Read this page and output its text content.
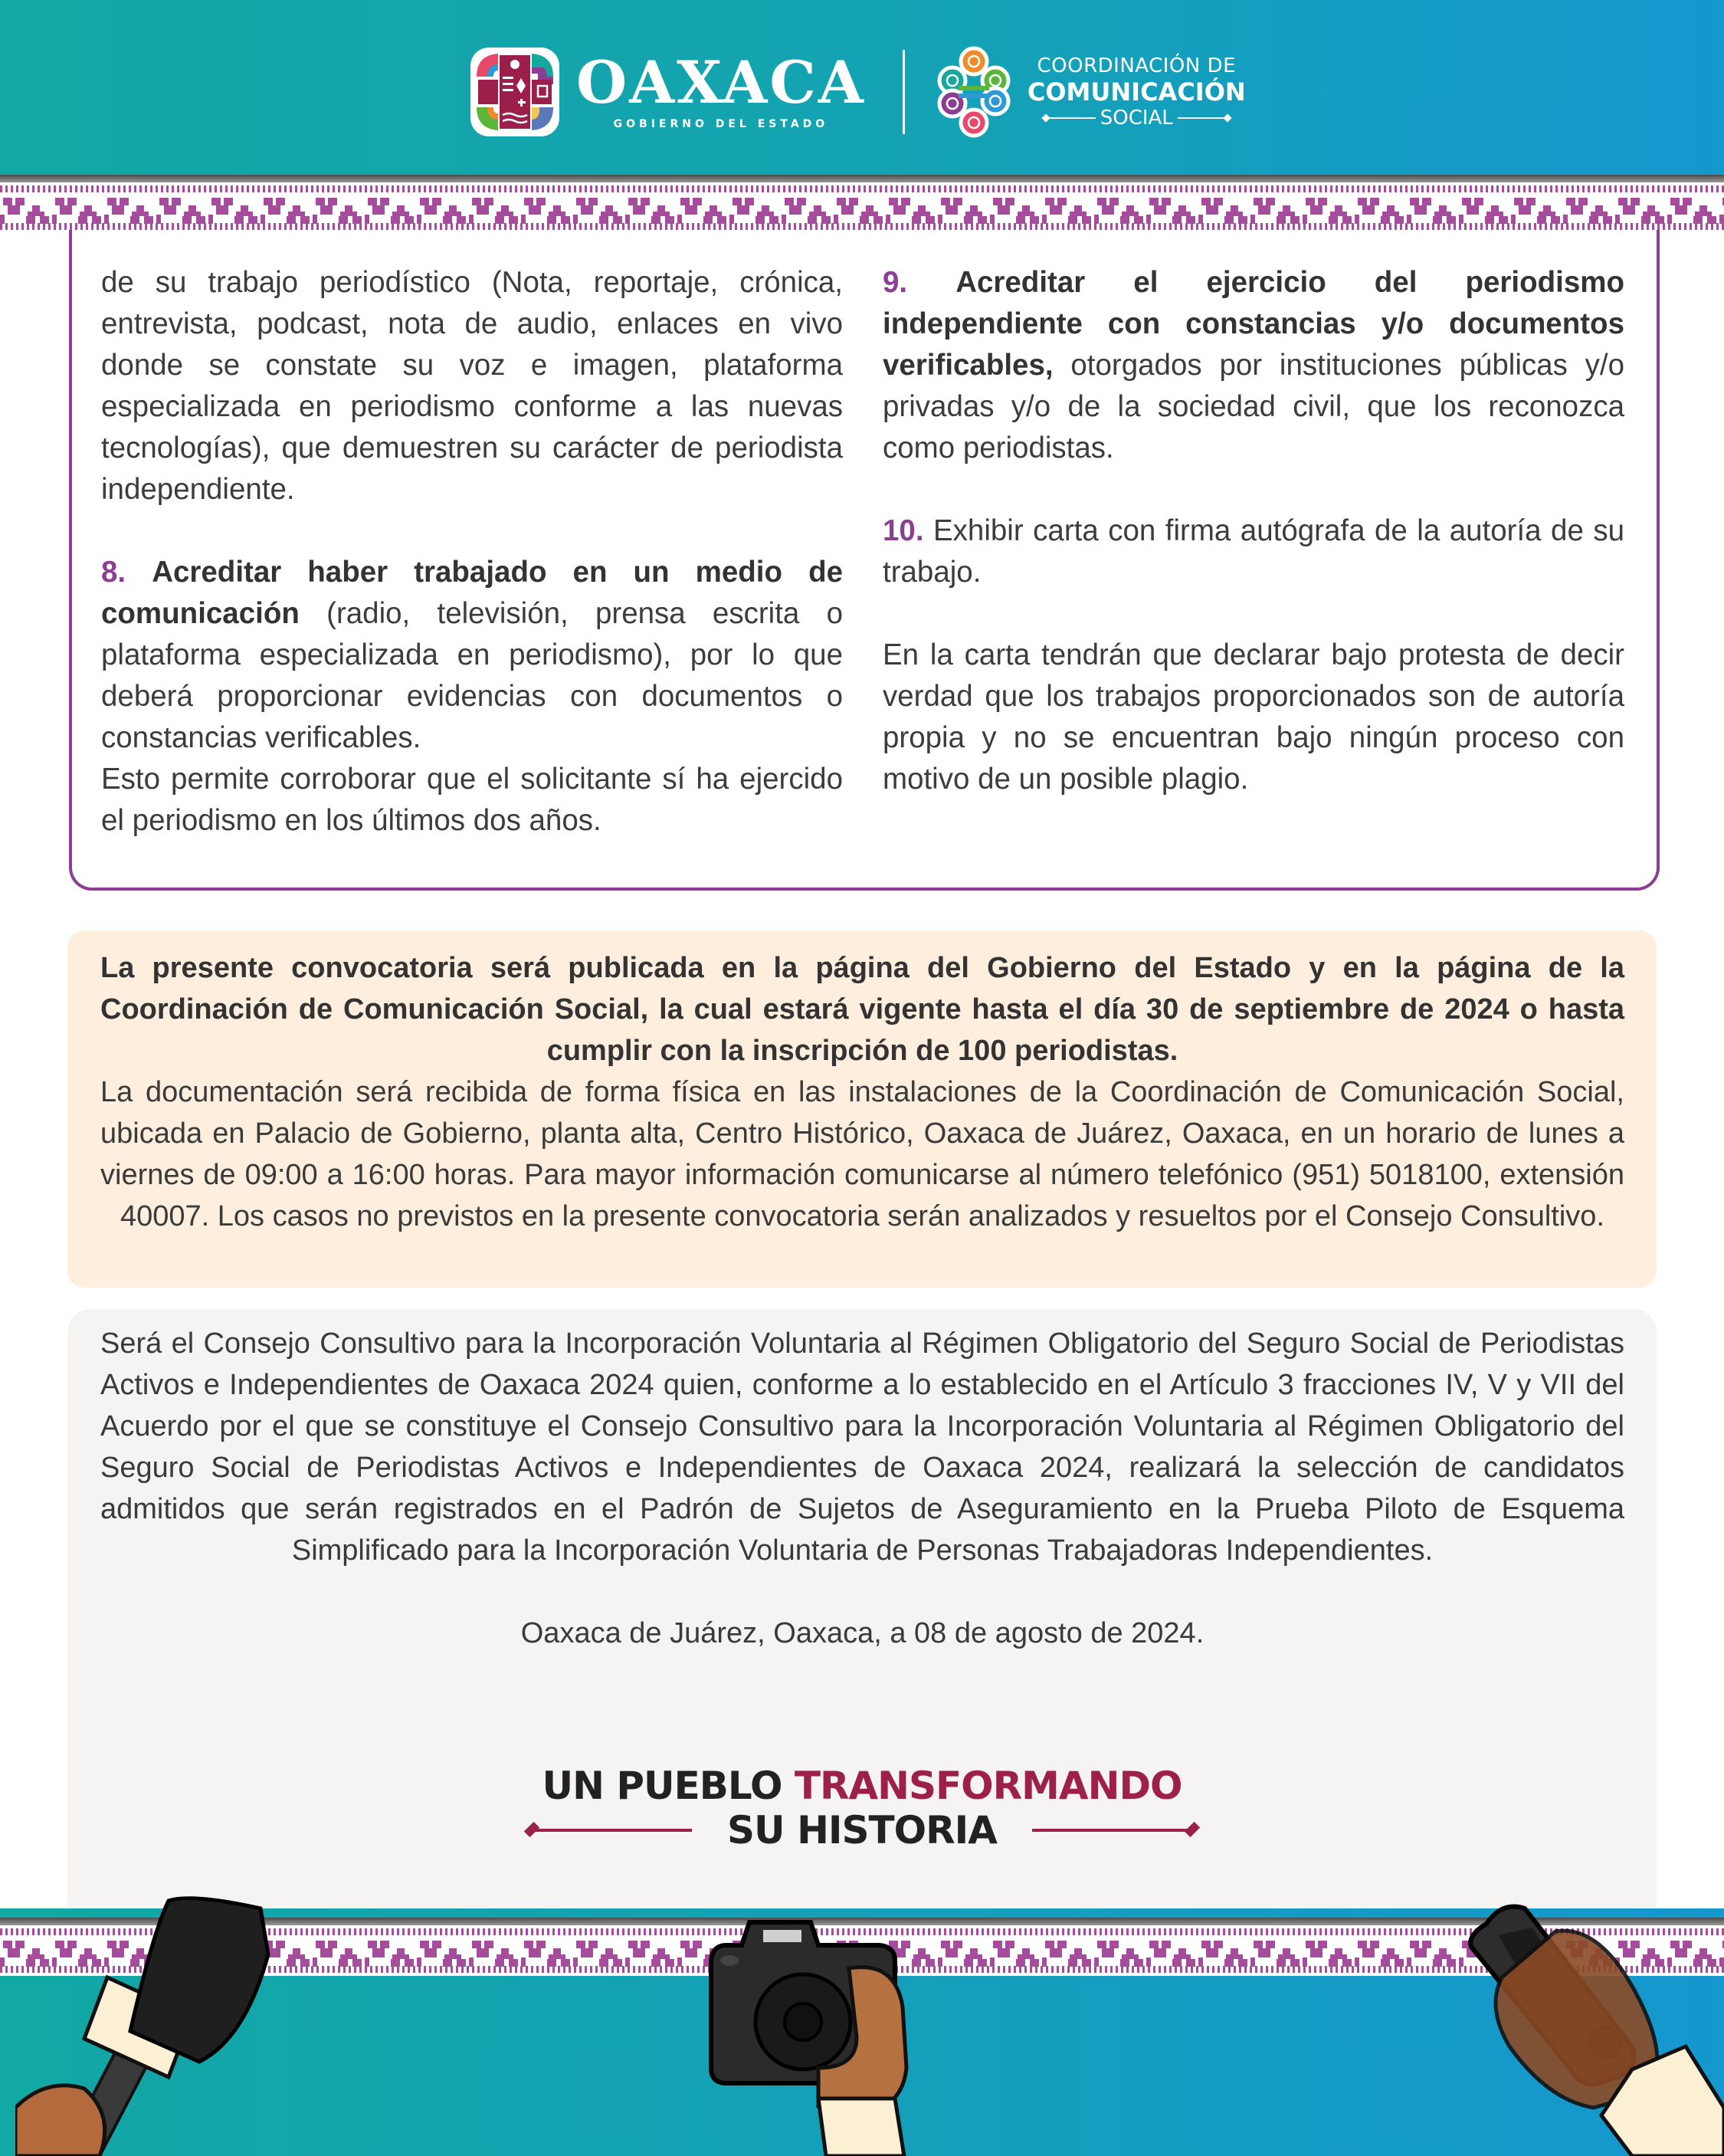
OAXACA
GOBIERNO DEL ESTADO
COORDINACIÓN DE
COMUNICACIÓN
SOCIAL

de su trabajo periodístico (Nota, reportaje, crónica, entrevista, podcast, nota de audio, enlaces en vivo donde se constate su voz e imagen, plataforma especializada en periodismo conforme a las nuevas tecnologías), que demuestren su carácter de periodista independiente.

8. Acreditar haber trabajado en un medio de comunicación (radio, televisión, prensa escrita o plataforma especializada en periodismo), por lo que deberá proporcionar evidencias con documentos o constancias verificables.

Esto permite corroborar que el solicitante sí ha ejercido el periodismo en los últimos dos años.

9. Acreditar el ejercicio del periodismo independiente con constancias y/o documentos verificables, otorgados por instituciones públicas y/o privadas y/o de la sociedad civil, que los reconozca como periodistas.

10. Exhibir carta con firma autógrafa de la autoría de su trabajo.

En la carta tendrán que declarar bajo protesta de decir verdad que los trabajos proporcionados son de autoría propia y no se encuentran bajo ningún proceso con motivo de un posible plagio.

La presente convocatoria será publicada en la página del Gobierno del Estado y en la página de la Coordinación de Comunicación Social, la cual estará vigente hasta el día 30 de septiembre de 2024 o hasta cumplir con la inscripción de 100 periodistas.

La documentación será recibida de forma física en las instalaciones de la Coordinación de Comunicación Social, ubicada en Palacio de Gobierno, planta alta, Centro Histórico, Oaxaca de Juárez, Oaxaca, en un horario de lunes a viernes de 09:00 a 16:00 horas. Para mayor información comunicarse al número telefónico (951) 5018100, extensión 40007. Los casos no previstos en la presente convocatoria serán analizados y resueltos por el Consejo Consultivo.

Será el Consejo Consultivo para la Incorporación Voluntaria al Régimen Obligatorio del Seguro Social de Periodistas Activos e Independientes de Oaxaca 2024 quien, conforme a lo establecido en el Artículo 3 fracciones IV, V y VII del Acuerdo por el que se constituye el Consejo Consultivo para la Incorporación Voluntaria al Régimen Obligatorio del Seguro Social de Periodistas Activos e Independientes de Oaxaca 2024, realizará la selección de candidatos admitidos que serán registrados en el Padrón de Sujetos de Aseguramiento en la Prueba Piloto de Esquema Simplificado para la Incorporación Voluntaria de Personas Trabajadoras Independientes.

Oaxaca de Juárez, Oaxaca, a 08 de agosto de 2024.

UN PUEBLO TRANSFORMANDO
SU HISTORIA
